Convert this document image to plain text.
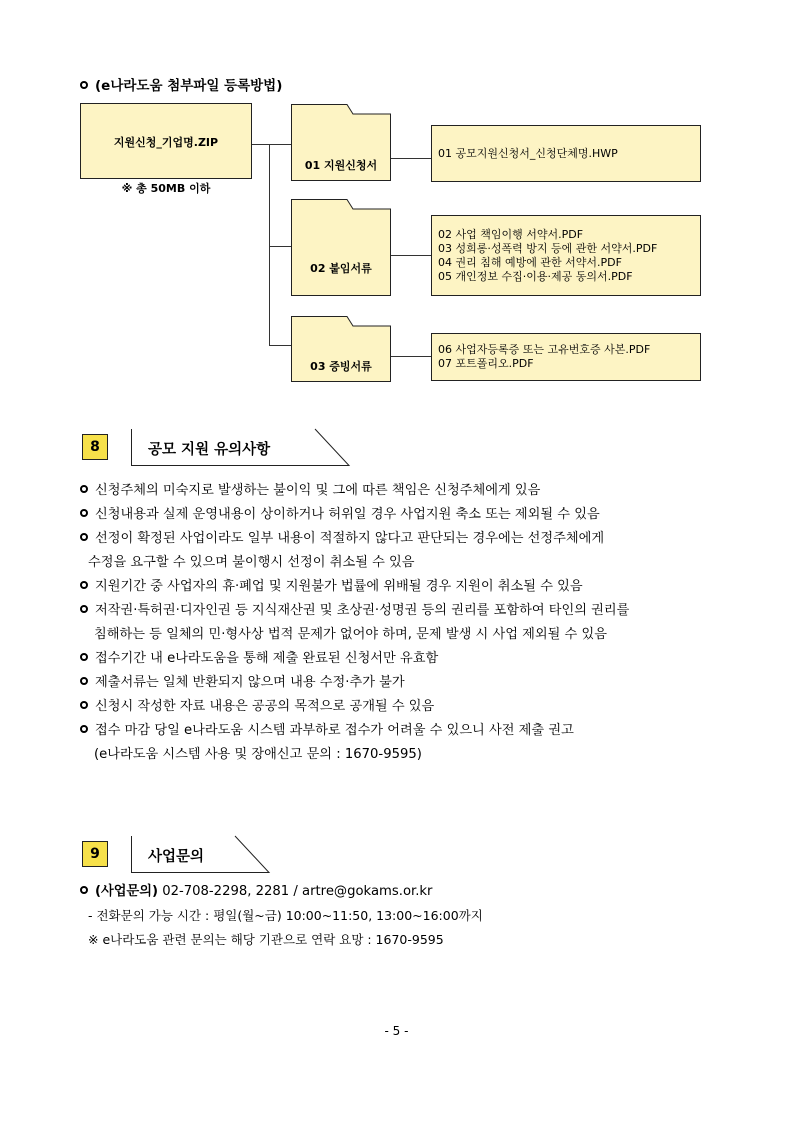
(e나라도움 첨부파일 등록방법)
지원신청_기업명.ZIP
※ 총 50MB 이하
01 지원신청서
01 공모지원신청서_신청단체명.HWP
02 붙임서류
02 사업 책임이행 서약서.PDF
03 성희롱·성폭력 방지 등에 관한 서약서.PDF
04 권리 침해 예방에 관한 서약서.PDF
05 개인정보 수집·이용·제공 동의서.PDF
03 증빙서류
06 사업자등록증 또는 고유번호증 사본.PDF
07 포트폴리오.PDF
8	공모 지원 유의사항

신청주체의 미숙지로 발생하는 불이익 및 그에 따른 책임은 신청주체에게 있음

신청내용과 실제 운영내용이 상이하거나 허위일 경우 사업지원 축소 또는 제외될 수 있음

선정이 확정된 사업이라도 일부 내용이 적절하지 않다고 판단되는 경우에는 선정주체에게

수정을 요구할 수 있으며 불이행시 선정이 취소될 수 있음

지원기간 중 사업자의 휴·폐업 및 지원불가 법률에 위배될 경우 지원이 취소될 수 있음

저작권·특허권·디자인권 등 지식재산권 및 초상권·성명권 등의 권리를 포함하여 타인의 권리를

침해하는 등 일체의 민·형사상 법적 문제가 없어야 하며, 문제 발생 시 사업 제외될 수 있음

접수기간 내 e나라도움을 통해 제출 완료된 신청서만 유효함

제출서류는 일체 반환되지 않으며 내용 수정·추가 불가

신청시 작성한 자료 내용은 공공의 목적으로 공개될 수 있음

접수 마감 당일 e나라도움 시스템 과부하로 접수가 어려울 수 있으니 사전 제출 권고

(e나라도움 시스템 사용 및 장애신고 문의 : 1670-9595)

9	사업문의

(사업문의) 02-708-2298, 2281 / artre@gokams.or.kr

- 전화문의 가능 시간 : 평일(월~금) 10:00~11:50, 13:00~16:00까지

※ e나라도움 관련 문의는 해당 기관으로 연락 요망 : 1670-9595

- 5 -
